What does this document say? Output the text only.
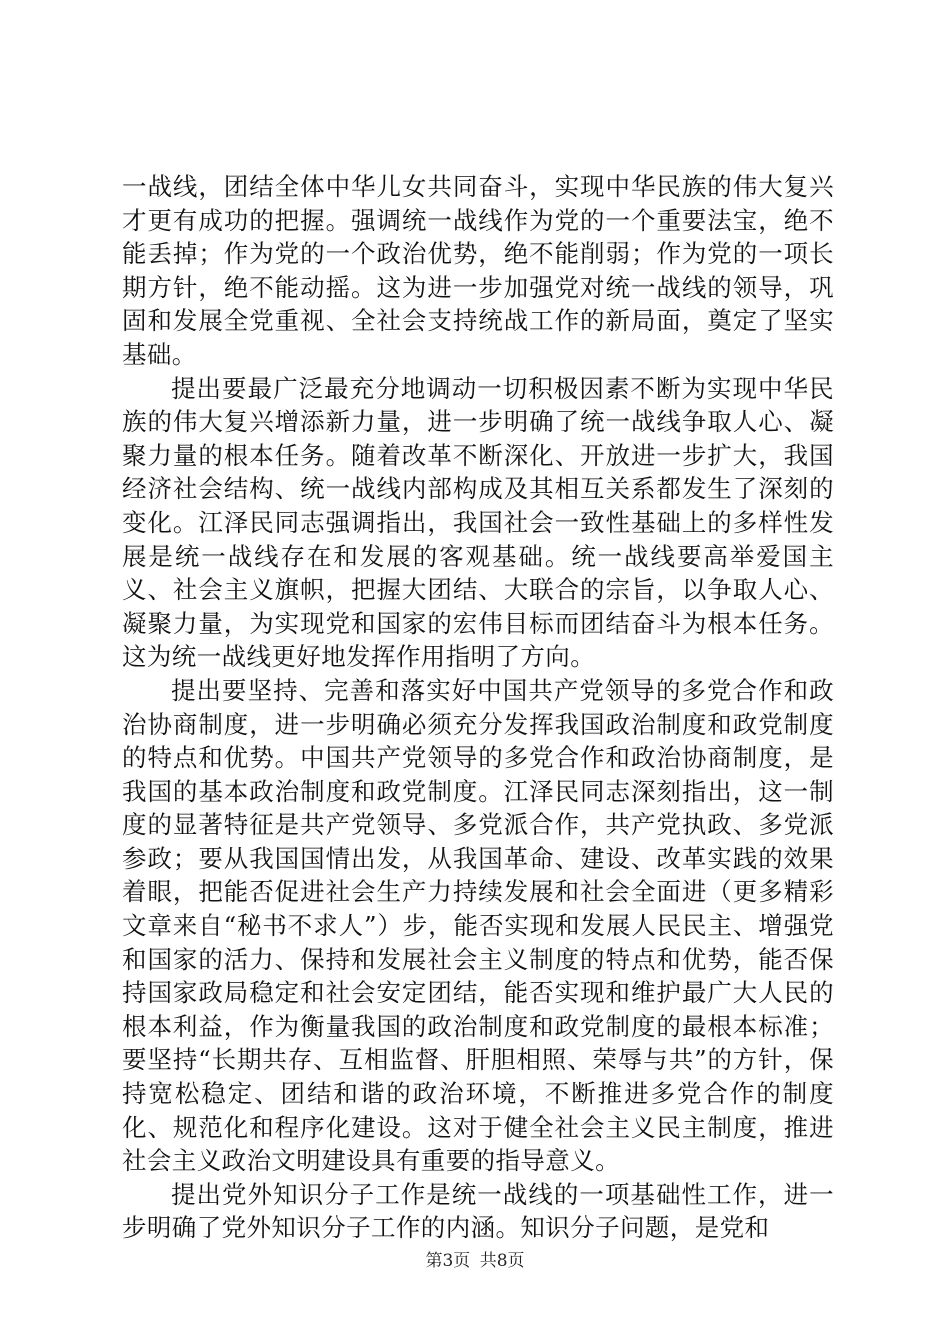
一战线，团结全体中华儿女共同奋斗，实现中华民族的伟大复兴才更有成功的把握。强调统一战线作为党的一个重要法宝，绝不能丢掉；作为党的一个政治优势，绝不能削弱；作为党的一项长期方针，绝不能动摇。这为进一步加强党对统一战线的领导，巩固和发展全党重视、全社会支持统战工作的新局面，奠定了坚实基础。

提出要最广泛最充分地调动一切积极因素不断为实现中华民族的伟大复兴增添新力量，进一步明确了统一战线争取人心、凝聚力量的根本任务。随着改革不断深化、开放进一步扩大，我国经济社会结构、统一战线内部构成及其相互关系都发生了深刻的变化。江泽民同志强调指出，我国社会一致性基础上的多样性发展是统一战线存在和发展的客观基础。统一战线要高举爱国主义、社会主义旗帜，把握大团结、大联合的宗旨，以争取人心、凝聚力量，为实现党和国家的宏伟目标而团结奋斗为根本任务。这为统一战线更好地发挥作用指明了方向。

提出要坚持、完善和落实好中国共产党领导的多党合作和政治协商制度，进一步明确必须充分发挥我国政治制度和政党制度的特点和优势。中国共产党领导的多党合作和政治协商制度，是我国的基本政治制度和政党制度。江泽民同志深刻指出，这一制度的显著特征是共产党领导、多党派合作，共产党执政、多党派参政；要从我国国情出发，从我国革命、建设、改革实践的效果着眼，把能否促进社会生产力持续发展和社会全面进（更多精彩文章来自“秘书不求人”）步，能否实现和发展人民民主、增强党和国家的活力、保持和发展社会主义制度的特点和优势，能否保持国家政局稳定和社会安定团结，能否实现和维护最广大人民的根本利益，作为衡量我国的政治制度和政党制度的最根本标准；要坚持“长期共存、互相监督、肝胆相照、荣辱与共”的方针，保持宽松稳定、团结和谐的政治环境，不断推进多党合作的制度化、规范化和程序化建设。这对于健全社会主义民主制度，推进社会主义政治文明建设具有重要的指导意义。

提出党外知识分子工作是统一战线的一项基础性工作，进一步明确了党外知识分子工作的内涵。知识分子问题，是党和

第3页 共8页
